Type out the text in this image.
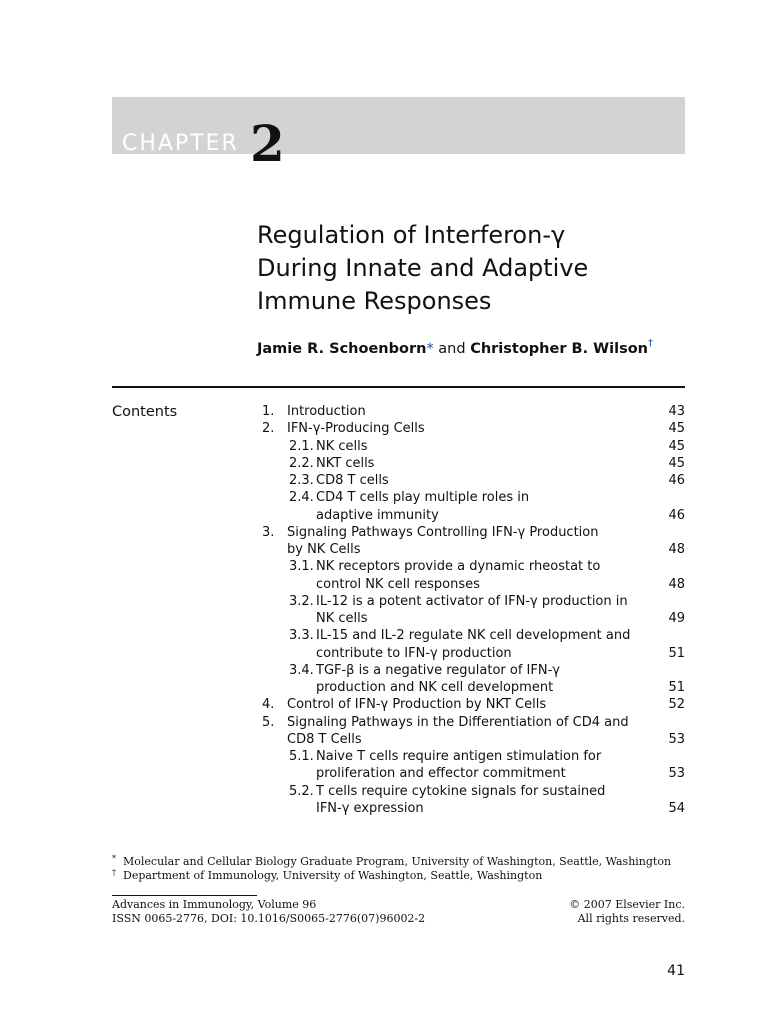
CHAPTER 2
Regulation of Interferon-γ
During Innate and Adaptive
Immune Responses
Jamie R. Schoenborn* and Christopher B. Wilson†
Contents	1. Introduction	43
2. IFN-γ-Producing Cells	45
2.1. NK cells	45
2.2. NKT cells	45
2.3. CD8 T cells	46
2.4. CD4 T cells play multiple roles in
adaptive immunity	46
3. Signaling Pathways Controlling IFN-γ Production
by NK Cells	48
3.1. NK receptors provide a dynamic rheostat to
control NK cell responses	48
3.2. IL-12 is a potent activator of IFN-γ production in
NK cells	49
3.3. IL-15 and IL-2 regulate NK cell development and
contribute to IFN-γ production	51
3.4. TGF-β is a negative regulator of IFN-γ
production and NK cell development	51
4. Control of IFN-γ Production by NKT Cells	52
5. Signaling Pathways in the Differentiation of CD4 and
CD8 T Cells	53
5.1. Naive T cells require antigen stimulation for
proliferation and effector commitment	53
5.2. T cells require cytokine signals for sustained
IFN-γ expression	54
* Molecular and Cellular Biology Graduate Program, University of Washington, Seattle, Washington
† Department of Immunology, University of Washington, Seattle, Washington
Advances in Immunology, Volume 96	© 2007 Elsevier Inc.
ISSN 0065-2776, DOI: 10.1016/S0065-2776(07)96002-2	All rights reserved.
41
